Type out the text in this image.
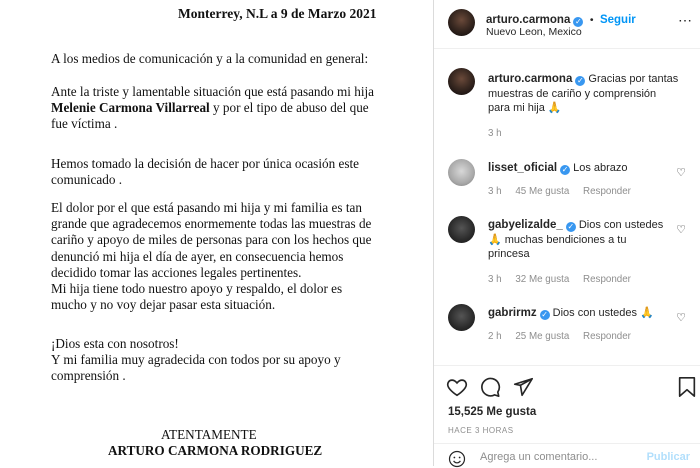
Monterrey, N.L a 9 de Marzo 2021
A los medios de comunicación y a la comunidad en general:
Ante la triste y lamentable situación que está pasando mi hija
Melenie Carmona Villarreal y por el tipo de abuso del que
fue víctima .
Hemos tomado la decisión de hacer por única ocasión este
comunicado .
El dolor por el que está pasando mi hija y mi familia es tan
grande que agradecemos enormemente todas las muestras de
cariño y apoyo de miles de personas para con los hechos que
denunció mi hija el día de ayer, en consecuencia hemos
decidido tomar las acciones legales pertinentes.
Mi hija tiene todo nuestro apoyo y respaldo, el dolor es
mucho y no voy dejar pasar esta situación.
¡Dios esta con nosotros!
Y mi familia muy agradecida con todos por su apoyo y
comprensión .
ATENTAMENTE
ARTURO CARMONA RODRIGUEZ
arturo.carmona ✓ • Seguir
Nuevo Leon, Mexico
⋯
arturo.carmona ✓ Gracias por tantas
muestras de cariño y comprensión
para mi hija 🙏
3 h
lisset_oficial ✓ Los abrazo
3 h 45 Me gusta Responder
♡
gabyelizalde_ ✓ Dios con ustedes
🙏 muchas bendiciones a tu
princesa
3 h 32 Me gusta Responder
♡
gabrirmz ✓ Dios con ustedes 🙏
2 h 25 Me gusta Responder
♡
15,525 Me gusta
HACE 3 HORAS
Agrega un comentario...	Publicar
